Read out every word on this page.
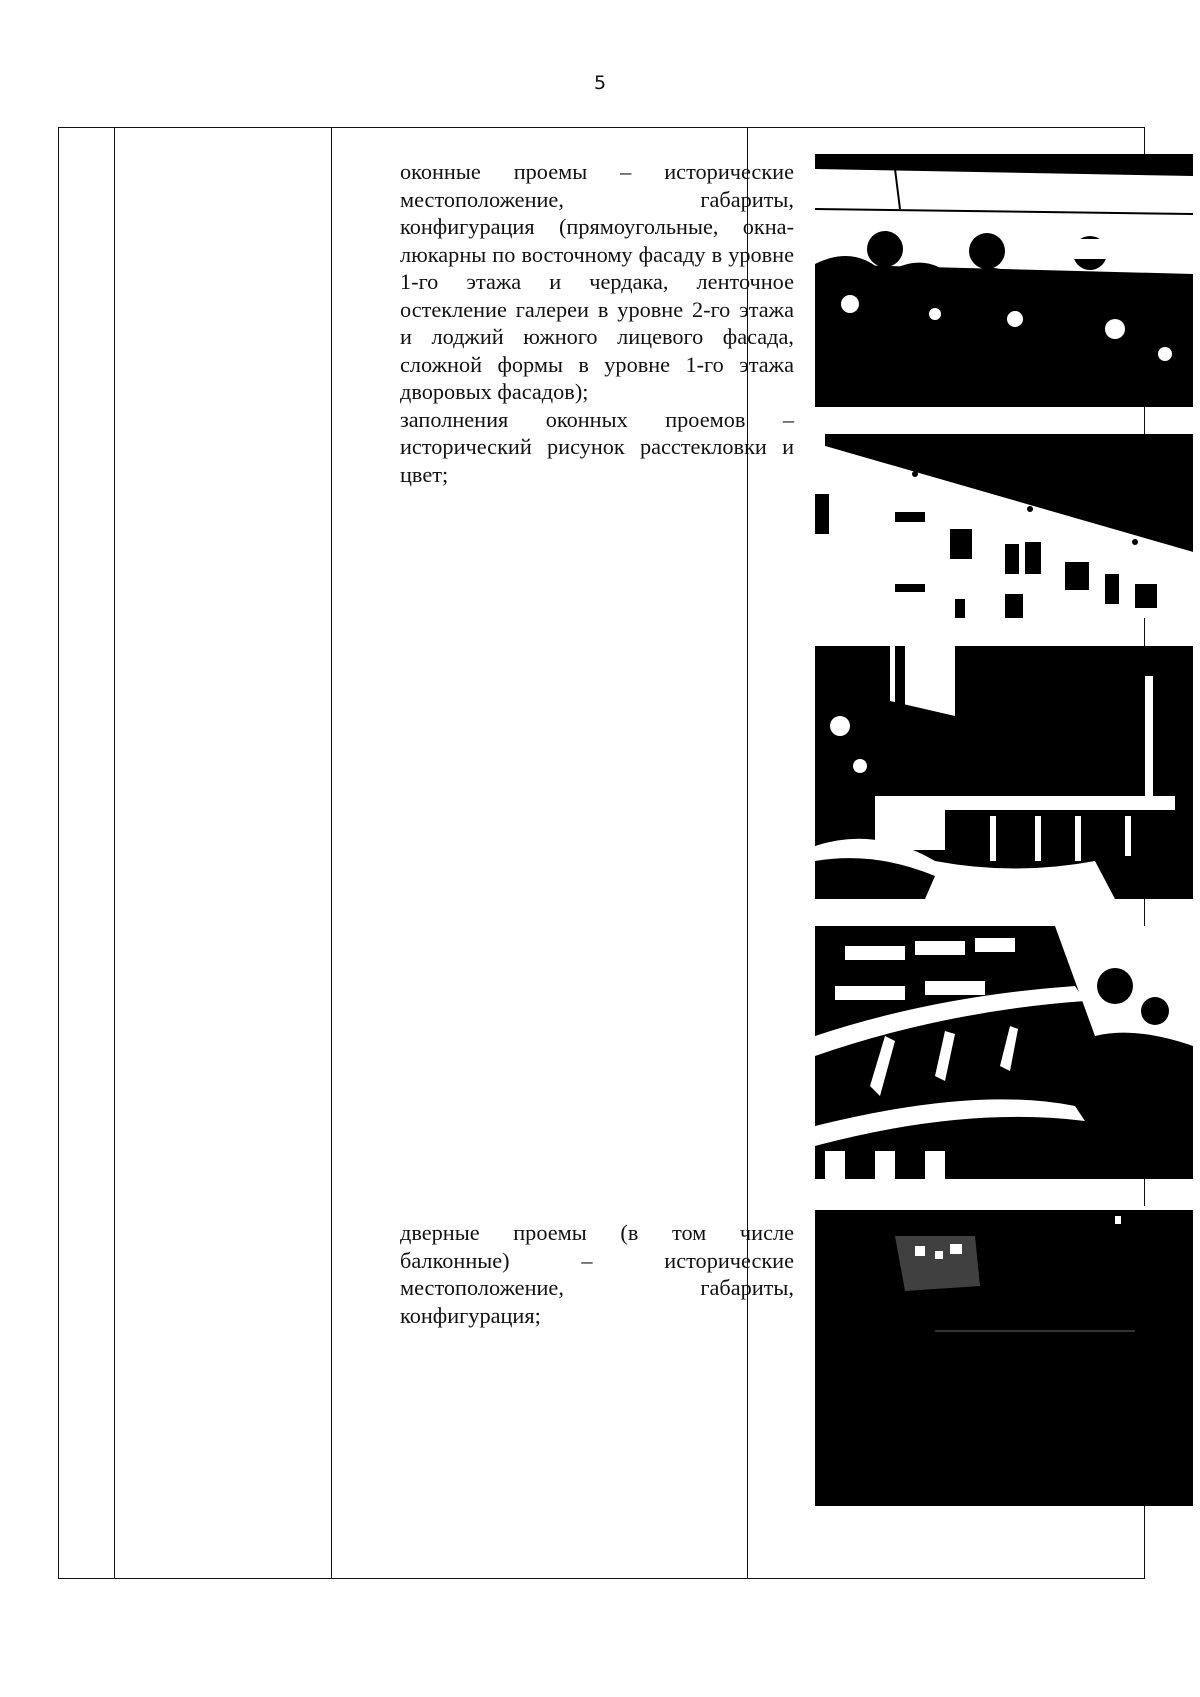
5

оконные проемы – исторические местоположение, габариты, конфигурация (прямоугольные, окна-люкарны по восточному фасаду в уровне 1-го этажа и чердака, ленточное остекление галереи в уровне 2-го этажа и лоджий южного лицевого фасада, сложной формы в уровне 1-го этажа дворовых фасадов);

заполнения оконных проемов – исторический рисунок расстекловки и цвет;

дверные проемы (в том числе балконные) – исторические местоположение, габариты, конфигурация;
